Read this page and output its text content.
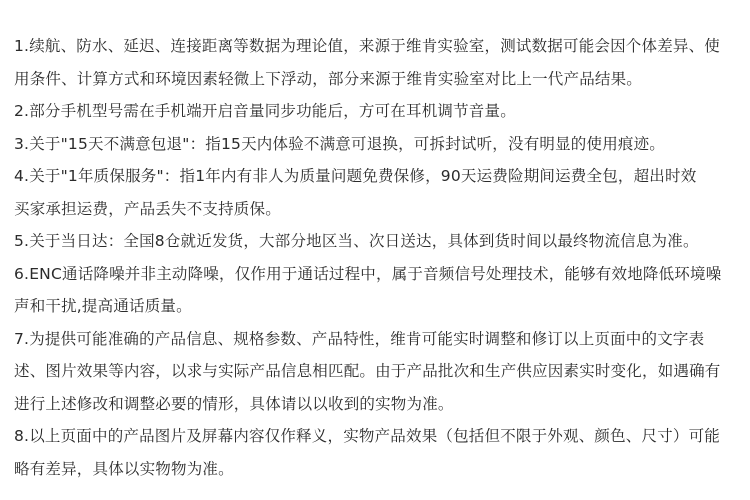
1.续航、防水、延迟、连接距离等数据为理论值，来源于维肯实验室，测试数据可能会因个体差异、使
用条件、计算方式和环境因素轻微上下浮动，部分来源于维肯实验室对比上一代产品结果。
2.部分手机型号需在手机端开启音量同步功能后，方可在耳机调节音量。
3.关于"15天不满意包退"：指15天内体验不满意可退换，可拆封试听，没有明显的使用痕迹。
4.关于"1年质保服务"：指1年内有非人为质量问题免费保修，90天运费险期间运费全包，超出时效
买家承担运费，产品丢失不支持质保。
5.关于当日达：全国8仓就近发货，大部分地区当、次日送达，具体到货时间以最终物流信息为准。
6.ENC通话降噪并非主动降噪，仅作用于通话过程中，属于音频信号处理技术，能够有效地降低环境噪
声和干扰,提高通话质量。
7.为提供可能准确的产品信息、规格参数、产品特性，维肯可能实时调整和修订以上页面中的文字表
述、图片效果等内容，以求与实际产品信息相匹配。由于产品批次和生产供应因素实时变化，如遇确有
进行上述修改和调整必要的情形，具体请以以收到的实物为准。
8.以上页面中的产品图片及屏幕内容仅作释义，实物产品效果（包括但不限于外观、颜色、尺寸）可能
略有差异，具体以实物物为准。
